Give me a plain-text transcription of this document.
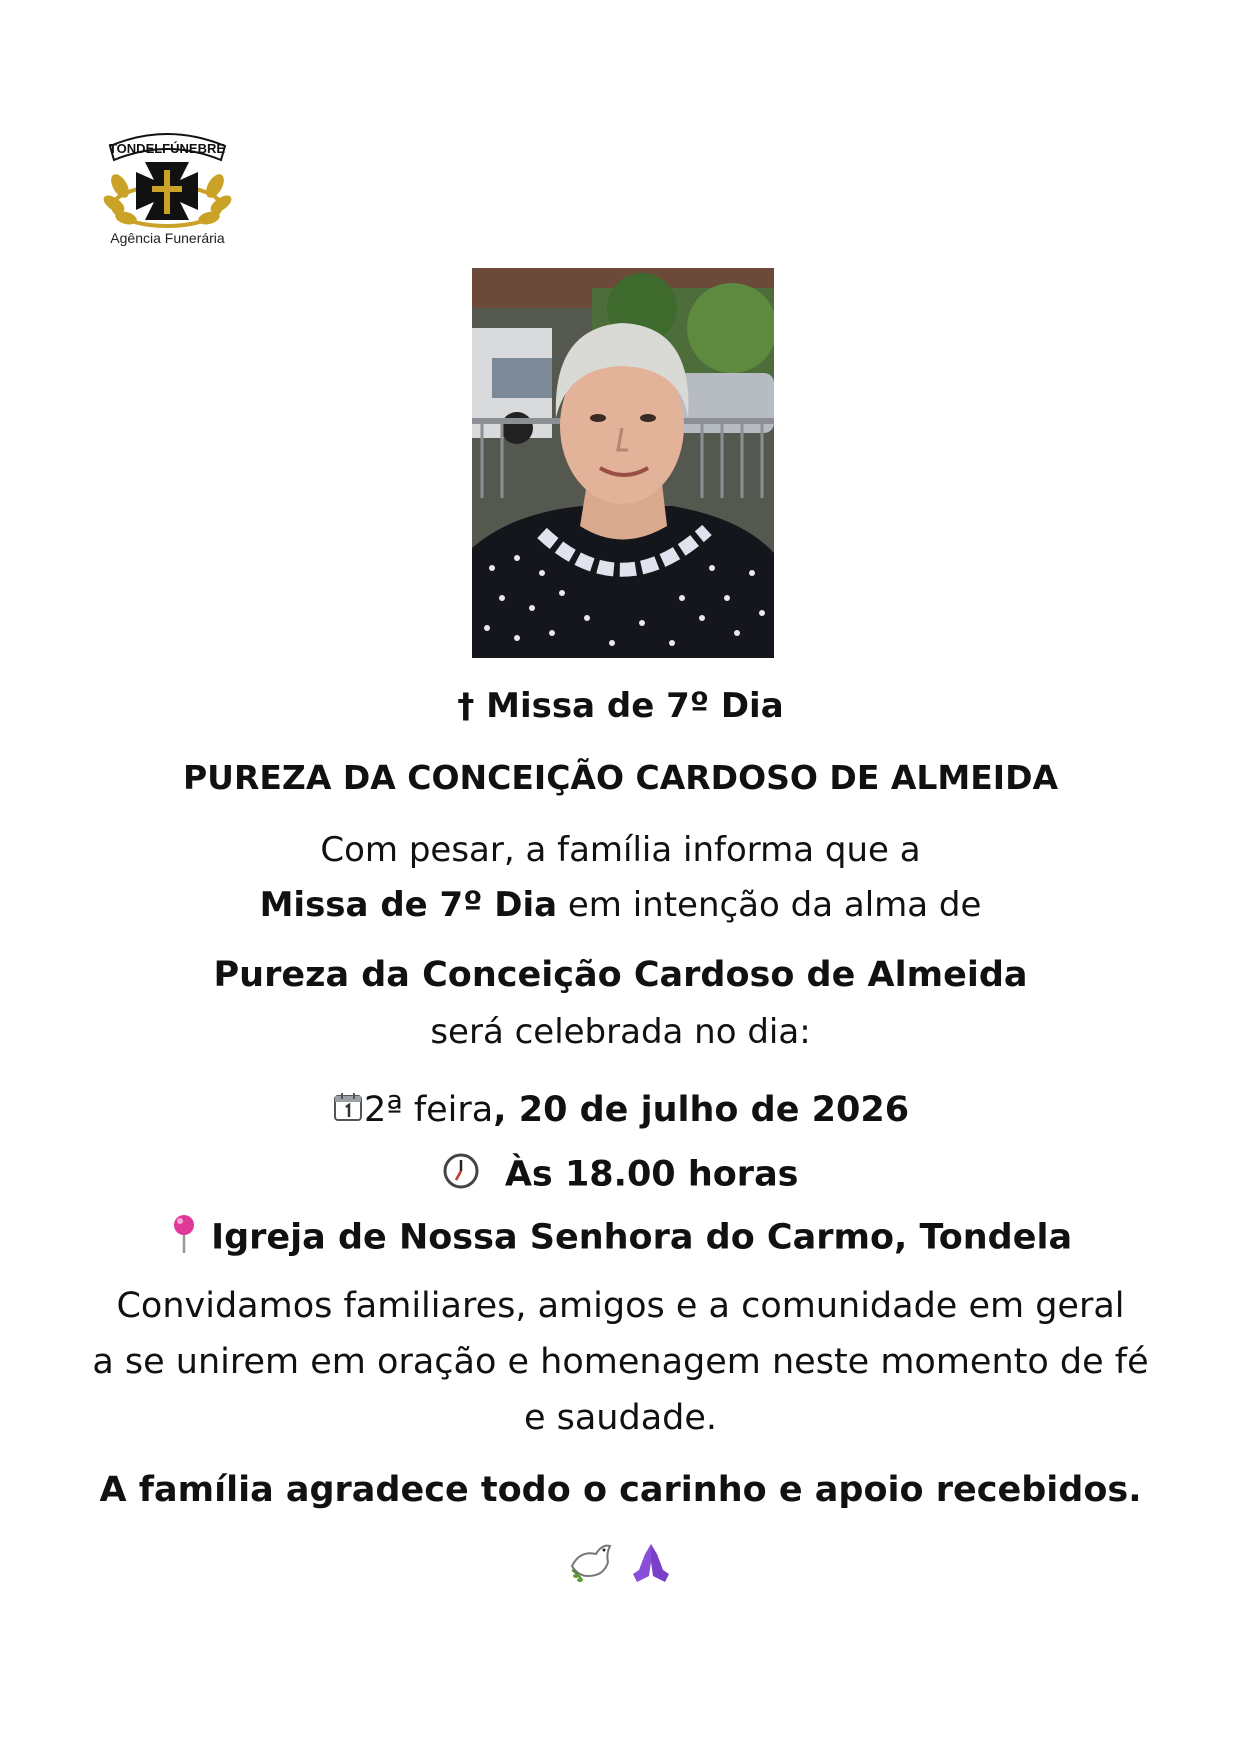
TONDELFÚNEBRE
Agência Funerária
† Missa de 7º Dia
PUREZA DA CONCEIÇÃO CARDOSO DE ALMEIDA
Com pesar, a família informa que a
Missa de 7º Dia em intenção da alma de
Pureza da Conceição Cardoso de Almeida
será celebrada no dia:
2ª feira, 20 de julho de 2026
Às 18.00 horas
Igreja de Nossa Senhora do Carmo, Tondela
Convidamos familiares, amigos e a comunidade em geral
a se unirem em oração e homenagem neste momento de fé
e saudade.
A família agradece todo o carinho e apoio recebidos.
